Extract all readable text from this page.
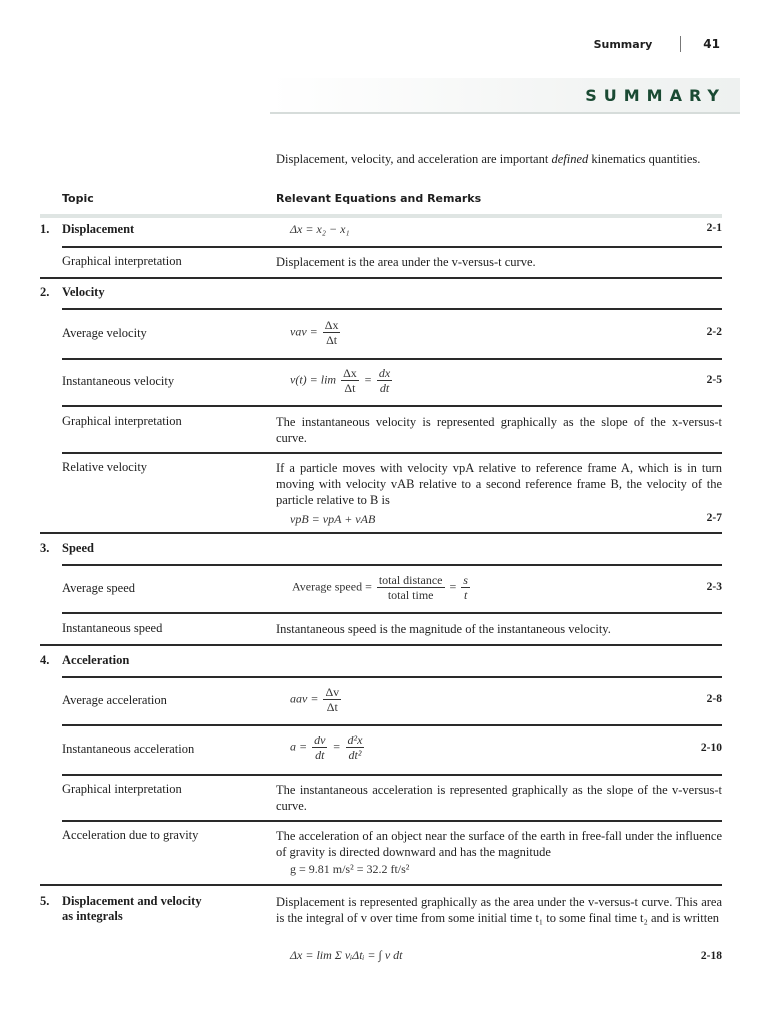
Summary	41
SUMMARY
Displacement, velocity, and acceleration are important defined kinematics quantities.
Topic	Relevant Equations and Remarks
1. Displacement	Δx = x₂ − x₁	2-1
Graphical interpretation	Displacement is the area under the v-versus-t curve.
2. Velocity
Average velocity	vav = $\frac{\Delta x}{\Delta t}$	2-2
Instantaneous velocity	$v(t) = \lim \frac{\Delta x}{\Delta t} = \frac{dx}{dt}$	2-5
Graphical interpretation	The instantaneous velocity is represented graphically as the slope of the x-versus-t curve.
Relative velocity	If a particle moves with velocity vpA relative to reference frame A, which is in turn moving with velocity vAB relative to a second reference frame B, the velocity of the particle relative to B is
vpB = vpA + vAB	2-7
3. Speed
Average speed	Average speed = $\frac{\text{total distance}}{\text{total time}} = \frac{s}{t}$	2-3
Instantaneous speed	Instantaneous speed is the magnitude of the instantaneous velocity.
4. Acceleration
Average acceleration	aav = $\frac{\Delta v}{\Delta t}$	2-8
Instantaneous acceleration	$a = \frac{dv}{dt} = \frac{\text{d²x}}{\text{dt²}}$	2-10
Graphical interpretation	The instantaneous acceleration is represented graphically as the slope of the v-versus-t curve.
Acceleration due to gravity	The acceleration of an object near the surface of the earth in free-fall under the influence of gravity is directed downward and has the magnitude
g = 9.81 m/s² = 32.2 ft/s²
5. Displacement and velocity
as integrals
Displacement is represented graphically as the area under the v-versus-t curve. This area is the integral of v over time from some initial time t₁ to some final time t₂ and is written
Δx = lim Σ vᵢΔtᵢ = ∫ v dt	2-18
